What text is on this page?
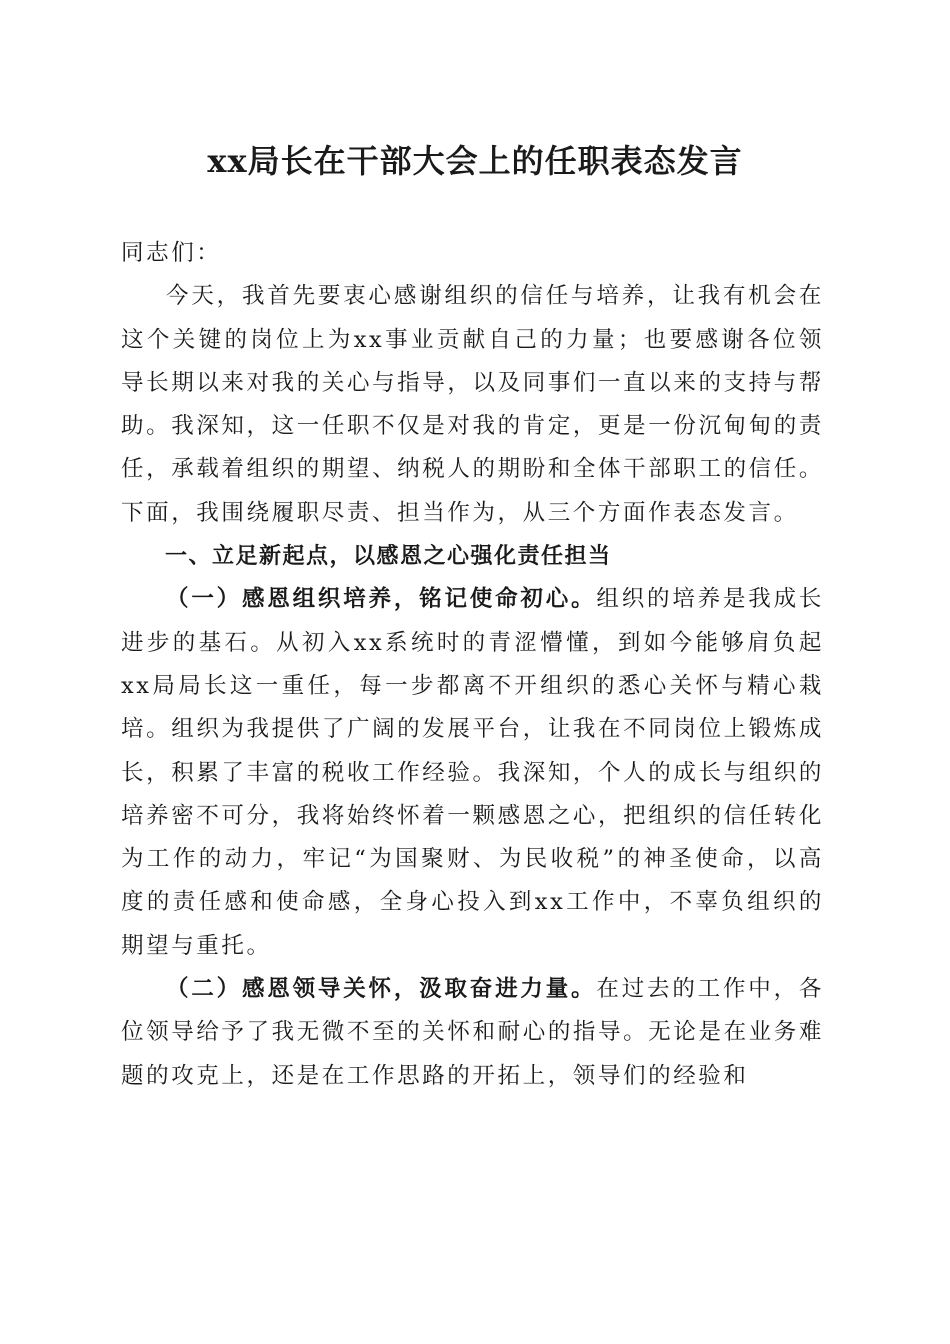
xx局长在干部大会上的任职表态发言

同志们：

今天，我首先要衷心感谢组织的信任与培养，让我有机会在这个关键的岗位上为xx事业贡献自己的力量；也要感谢各位领导长期以来对我的关心与指导，以及同事们一直以来的支持与帮助。我深知，这一任职不仅是对我的肯定，更是一份沉甸甸的责任，承载着组织的期望、纳税人的期盼和全体干部职工的信任。下面，我围绕履职尽责、担当作为，从三个方面作表态发言。

一、立足新起点，以感恩之心强化责任担当

（一）感恩组织培养，铭记使命初心。组织的培养是我成长进步的基石。从初入xx系统时的青涩懵懂，到如今能够肩负起xx局局长这一重任，每一步都离不开组织的悉心关怀与精心栽培。组织为我提供了广阔的发展平台，让我在不同岗位上锻炼成长，积累了丰富的税收工作经验。我深知，个人的成长与组织的培养密不可分，我将始终怀着一颗感恩之心，把组织的信任转化为工作的动力，牢记“为国聚财、为民收税”的神圣使命，以高度的责任感和使命感，全身心投入到xx工作中，不辜负组织的期望与重托。

（二）感恩领导关怀，汲取奋进力量。在过去的工作中，各位领导给予了我无微不至的关怀和耐心的指导。无论是在业务难题的攻克上，还是在工作思路的开拓上，领导们的经验和
